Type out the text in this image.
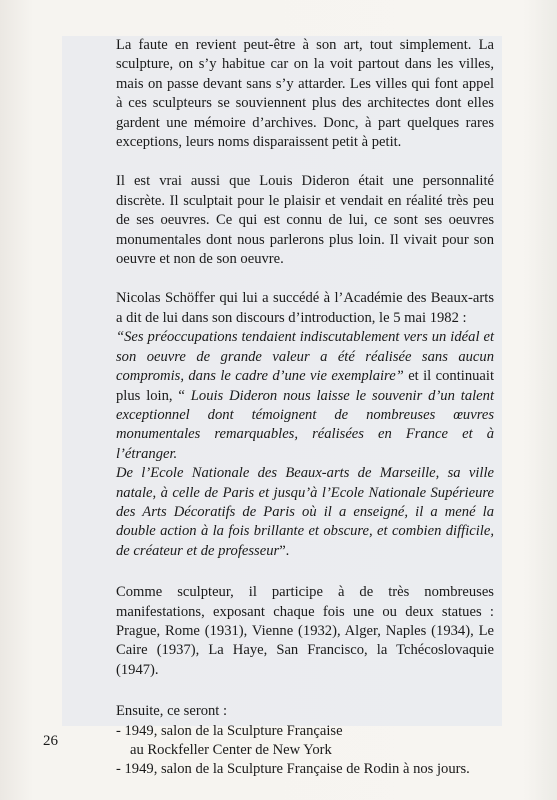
La faute en revient peut-être à son art, tout simplement. La sculpture, on s’y habitue car on la voit partout dans les villes, mais on passe devant sans s’y attarder. Les villes qui font appel à ces sculpteurs se souviennent plus des architectes dont elles gardent une mémoire d’archives. Donc, à part quelques rares exceptions, leurs noms disparaissent petit à petit.

Il est vrai aussi que Louis Dideron était une personnalité discrète. Il sculptait pour le plaisir et vendait en réalité très peu de ses oeuvres. Ce qui est connu de lui, ce sont ses oeuvres monumentales dont nous parlerons plus loin. Il vivait pour son oeuvre et non de son oeuvre.

Nicolas Schöffer qui lui a succédé à l’Académie des Beaux-arts a dit de lui dans son discours d’introduction, le 5 mai 1982 :

“Ses préoccupations tendaient indiscutablement vers un idéal et son oeuvre de grande valeur a été réalisée sans aucun compromis, dans le cadre d’une vie exemplaire” et il continuait plus loin, “ Louis Dideron nous laisse le souvenir d’un talent exceptionnel dont témoignent de nombreuses œuvres monumentales remarquables, réalisées en France et à l’étranger.

De l’Ecole Nationale des Beaux-arts de Marseille, sa ville natale, à celle de Paris et jusqu’à l’Ecole Nationale Supérieure des Arts Décoratifs de Paris où il a enseigné, il a mené la double action à la fois brillante et obscure, et combien difficile, de créateur et de professeur”.

Comme sculpteur, il participe à de très nombreuses manifestations, exposant chaque fois une ou deux statues : Prague, Rome (1931), Vienne (1932), Alger, Naples (1934), Le Caire (1937), La Haye, San Francisco, la Tchécoslovaquie (1947).

Ensuite, ce seront :
- 1949, salon de la Sculpture Française
au Rockfeller Center de New York
- 1949, salon de la Sculpture Française de Rodin à nos jours.
26
